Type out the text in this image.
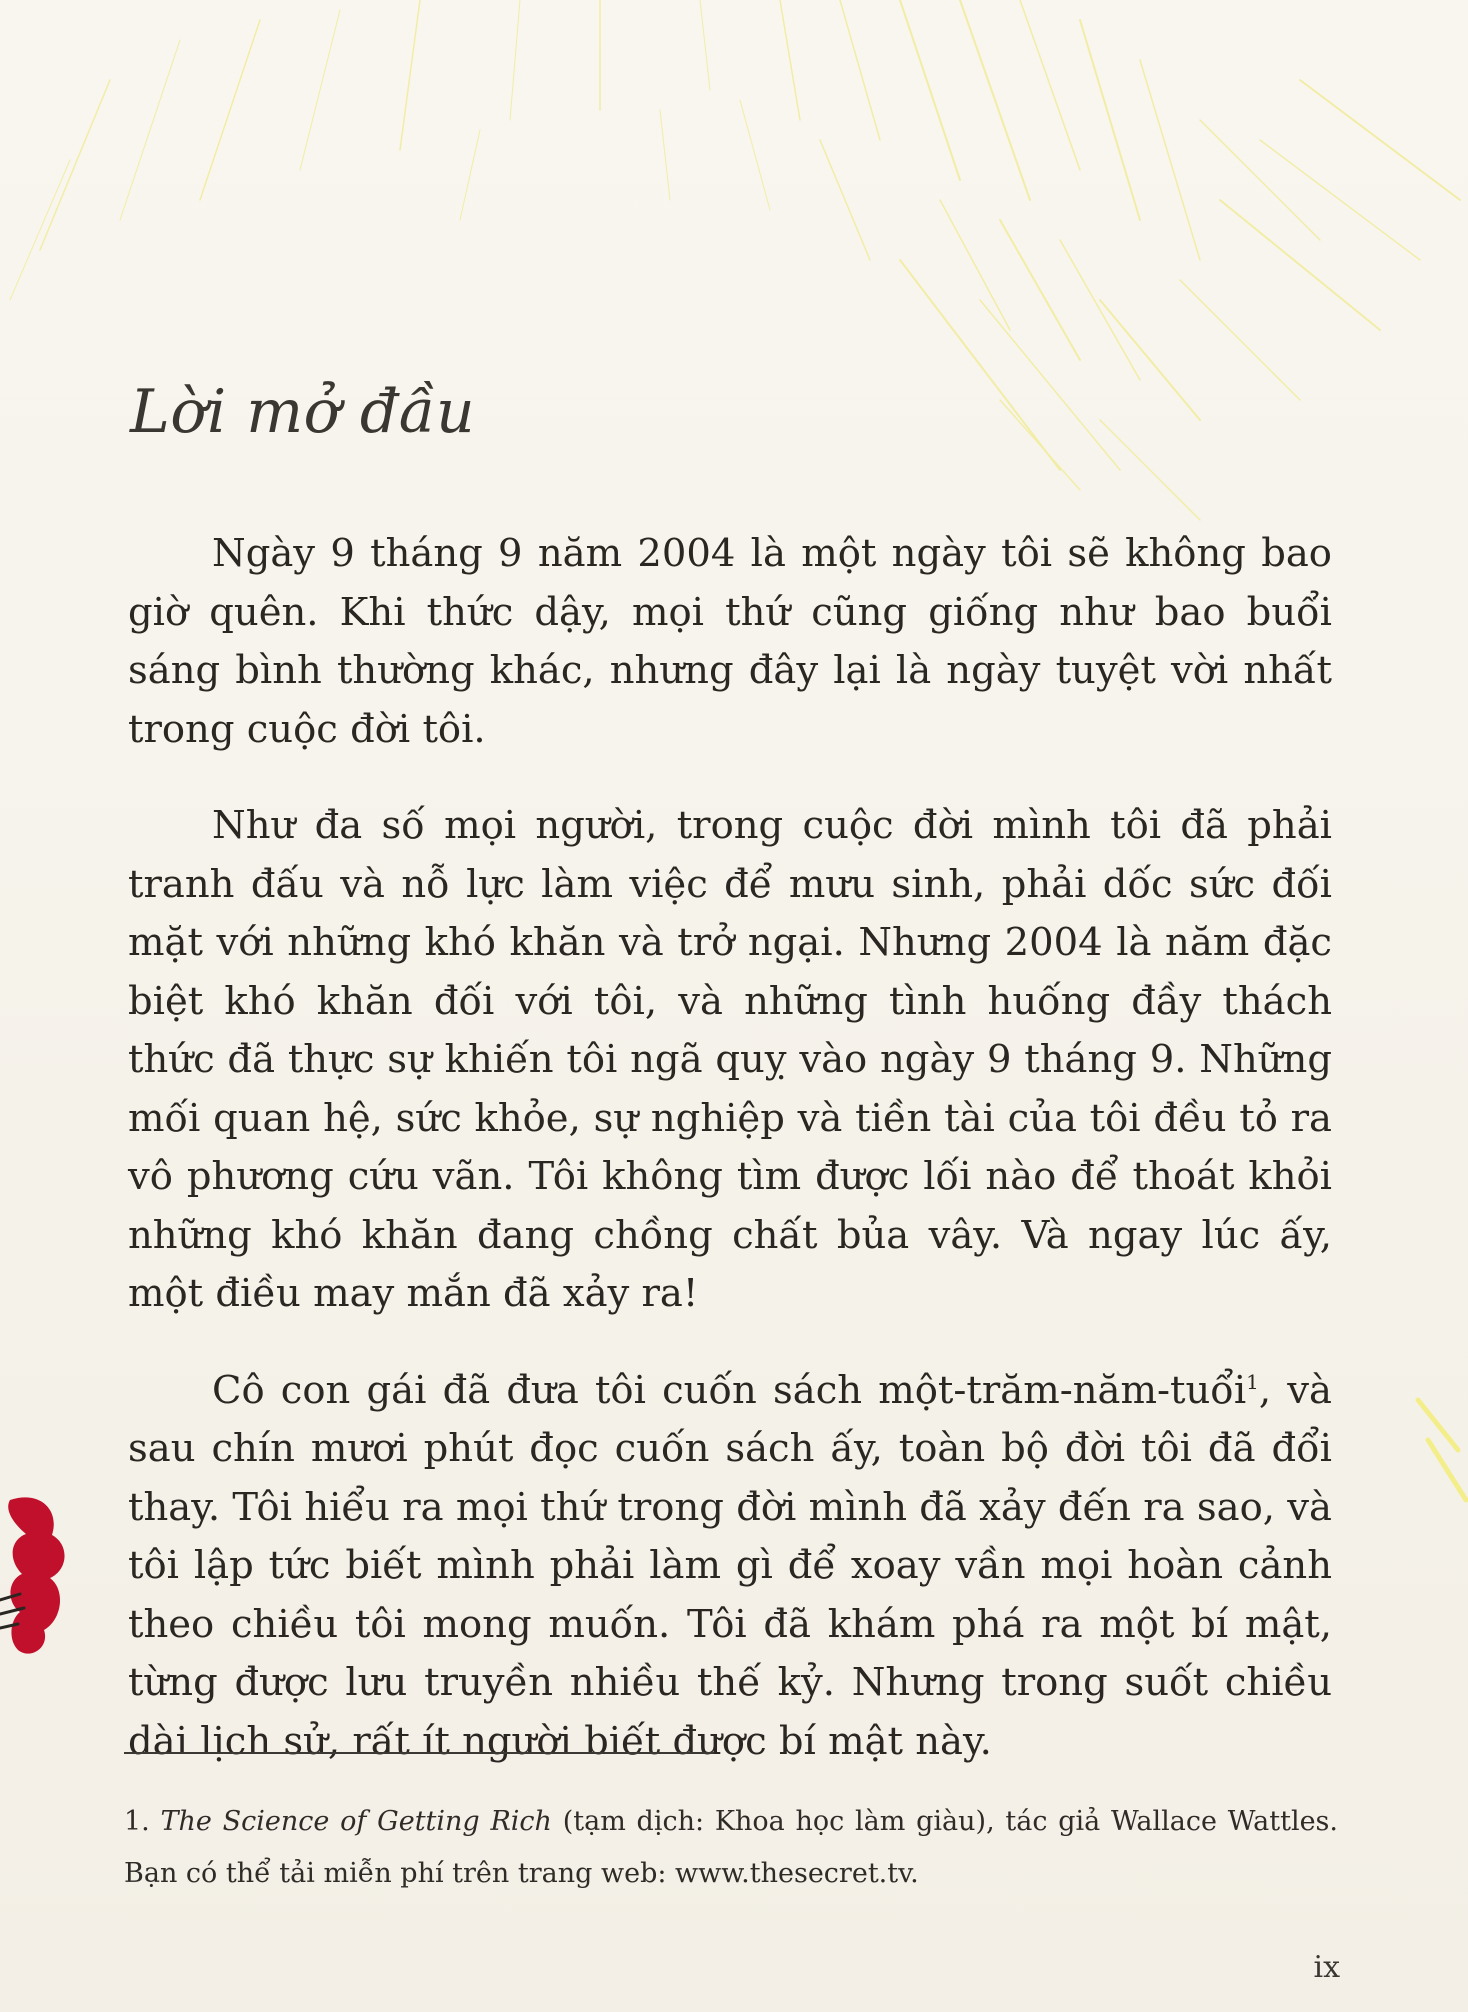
Lời mở đầu

Ngày 9 tháng 9 năm 2004 là một ngày tôi sẽ không bao giờ quên. Khi thức dậy, mọi thứ cũng giống như bao buổi sáng bình thường khác, nhưng đây lại là ngày tuyệt vời nhất trong cuộc đời tôi.

Như đa số mọi người, trong cuộc đời mình tôi đã phải tranh đấu và nỗ lực làm việc để mưu sinh, phải dốc sức đối mặt với những khó khăn và trở ngại. Nhưng 2004 là năm đặc biệt khó khăn đối với tôi, và những tình huống đầy thách thức đã thực sự khiến tôi ngã quỵ vào ngày 9 tháng 9. Những mối quan hệ, sức khỏe, sự nghiệp và tiền tài của tôi đều tỏ ra vô phương cứu vãn. Tôi không tìm được lối nào để thoát khỏi những khó khăn đang chồng chất bủa vây. Và ngay lúc ấy, một điều may mắn đã xảy ra!

Cô con gái đã đưa tôi cuốn sách một-trăm-năm-tuổi$^1$, và sau chín mươi phút đọc cuốn sách ấy, toàn bộ đời tôi đã đổi thay. Tôi hiểu ra mọi thứ trong đời mình đã xảy đến ra sao, và tôi lập tức biết mình phải làm gì để xoay vần mọi hoàn cảnh theo chiều tôi mong muốn. Tôi đã khám phá ra một bí mật, từng được lưu truyền nhiều thế kỷ. Nhưng trong suốt chiều dài lịch sử, rất ít người biết được bí mật này.

1. The Science of Getting Rich (tạm dịch: Khoa học làm giàu), tác giả Wallace Wattles. Bạn có thể tải miễn phí trên trang web: www.thesecret.tv.

ix
